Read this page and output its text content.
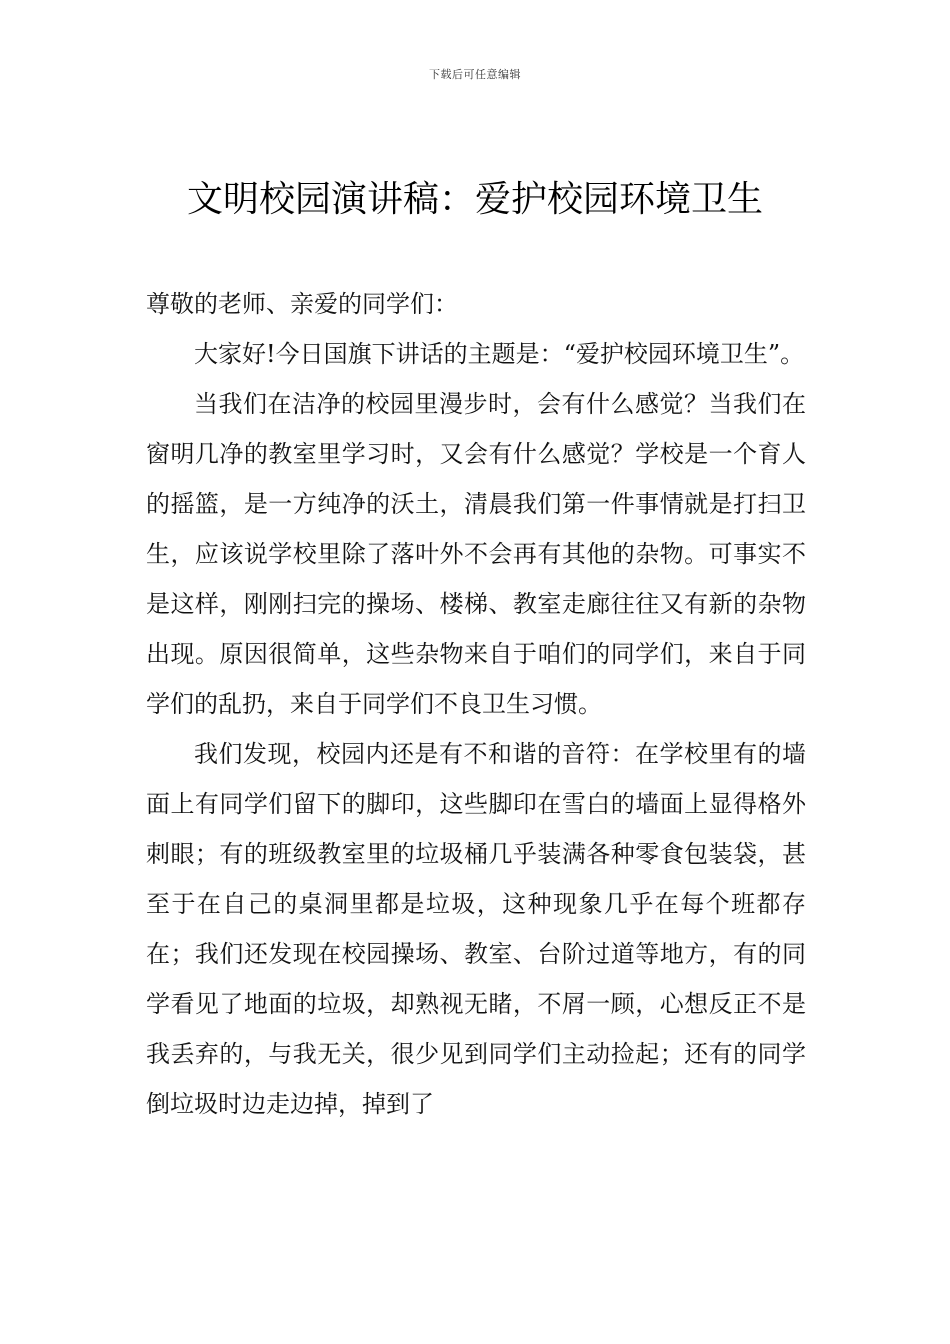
下载后可任意编辑
文明校园演讲稿：爱护校园环境卫生

尊敬的老师、亲爱的同学们：

大家好!今日国旗下讲话的主题是：“爱护校园环境卫生”。

当我们在洁净的校园里漫步时，会有什么感觉？当我们在窗明几净的教室里学习时，又会有什么感觉？学校是一个育人的摇篮，是一方纯净的沃土，清晨我们第一件事情就是打扫卫生，应该说学校里除了落叶外不会再有其他的杂物。可事实不是这样，刚刚扫完的操场、楼梯、教室走廊往往又有新的杂物出现。原因很简单，这些杂物来自于咱们的同学们，来自于同学们的乱扔，来自于同学们不良卫生习惯。

我们发现，校园内还是有不和谐的音符：在学校里有的墙面上有同学们留下的脚印，这些脚印在雪白的墙面上显得格外刺眼；有的班级教室里的垃圾桶几乎装满各种零食包装袋，甚至于在自己的桌洞里都是垃圾，这种现象几乎在每个班都存在；我们还发现在校园操场、教室、台阶过道等地方，有的同学看见了地面的垃圾，却熟视无睹，不屑一顾，心想反正不是我丢弃的，与我无关，很少见到同学们主动捡起；还有的同学倒垃圾时边走边掉，掉到了
